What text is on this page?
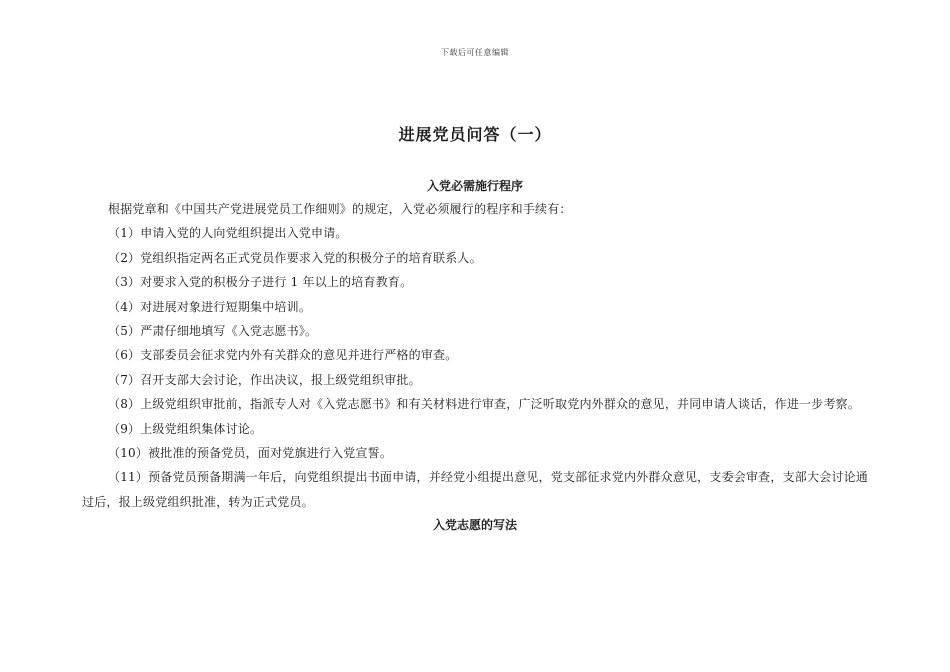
下载后可任意编辑
进展党员问答（一）
入党必需施行程序

根据党章和《中国共产党进展党员工作细则》的规定，入党必须履行的程序和手续有：

（1）申请入党的人向党组织提出入党申请。

（2）党组织指定两名正式党员作要求入党的积极分子的培育联系人。

（3）对要求入党的积极分子进行 1 年以上的培育教育。

（4）对进展对象进行短期集中培训。

（5）严肃仔细地填写《入党志愿书》。

（6）支部委员会征求党内外有关群众的意见并进行严格的审查。

（7）召开支部大会讨论，作出决议，报上级党组织审批。

（8）上级党组织审批前，指派专人对《入党志愿书》和有关材料进行审查，广泛听取党内外群众的意见，并同申请人谈话，作进一步考察。

（9）上级党组织集体讨论。

（10）被批准的预备党员，面对党旗进行入党宣誓。

（11）预备党员预备期满一年后，向党组织提出书面申请，并经党小组提出意见，党支部征求党内外群众意见，支委会审查，支部大会讨论通过后，报上级党组织批准，转为正式党员。

入党志愿的写法
